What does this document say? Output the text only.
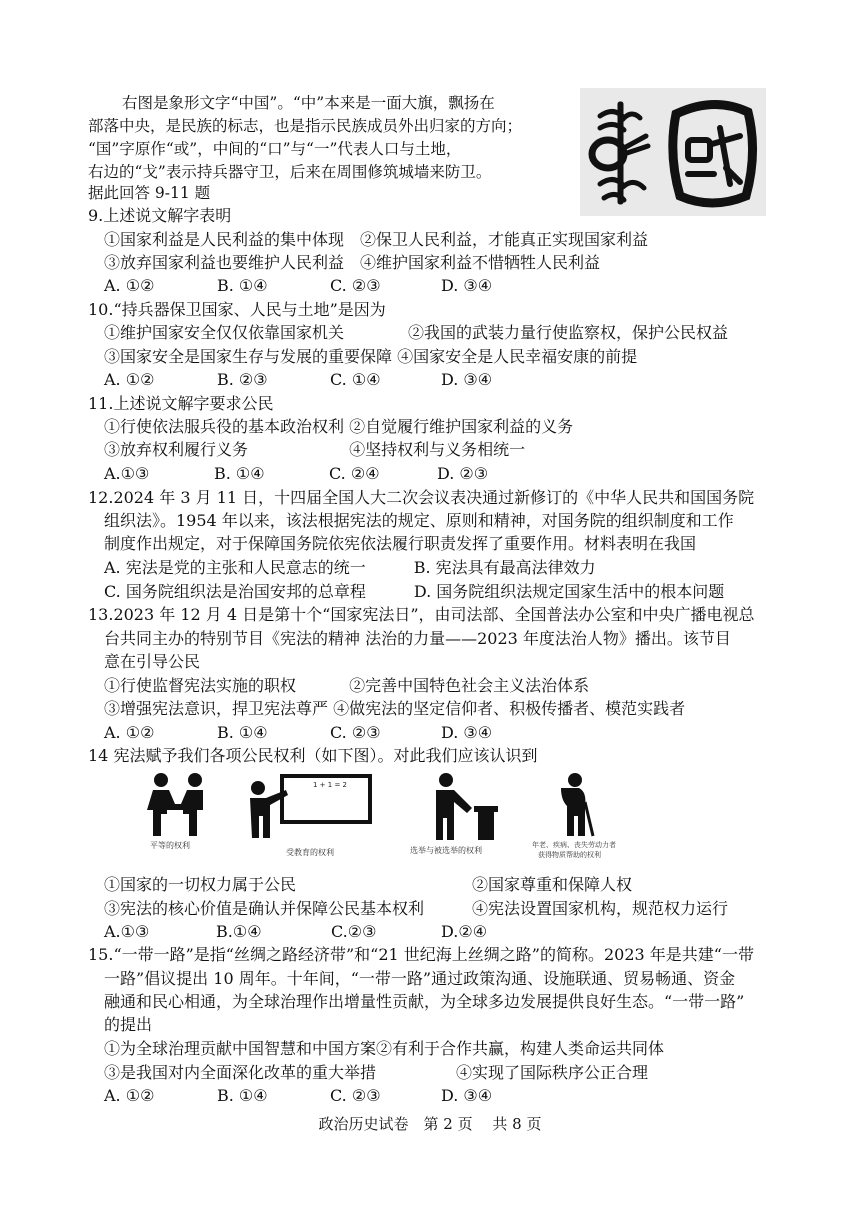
右图是象形文字“中国”。“中”本来是一面大旗，飘扬在
部落中央，是民族的标志，也是指示民族成员外出归家的方向；
“国”字原作“或”，中间的“口”与“一”代表人口与土地，
右边的“戈”表示持兵器守卫，后来在周围修筑城墙来防卫。
据此回答 9-11 题
9.上述说文解字表明
①国家利益是人民利益的集中体现　②保卫人民利益，才能真正实现国家利益
③放弃国家利益也要维护人民利益　④维护国家利益不惜牺牲人民利益
A. ①②	B. ①④	C. ②③	D. ③④
10.“持兵器保卫国家、人民与土地”是因为
①维护国家安全仅仅依靠国家机关　　　　②我国的武装力量行使监察权，保护公民权益
③国家安全是国家生存与发展的重要保障 ④国家安全是人民幸福安康的前提
A. ①②	B. ②③	C. ①④	D. ③④
11.上述说文解字要求公民
①行使依法服兵役的基本政治权利 ②自觉履行维护国家利益的义务
③放弃权利履行义务　　　　　　 ④坚持权利与义务相统一
A.①③	B. ①④	C. ②④	D. ②③
12.2024 年 3 月 11 日，十四届全国人大二次会议表决通过新修订的《中华人民共和国国务院
组织法》。1954 年以来，该法根据宪法的规定、原则和精神，对国务院的组织制度和工作
制度作出规定，对于保障国务院依宪依法履行职责发挥了重要作用。材料表明在我国
A. 宪法是党的主张和人民意志的统一　　　B. 宪法具有最高法律效力
C. 国务院组织法是治国安邦的总章程　　　D. 国务院组织法规定国家生活中的根本问题
13.2023 年 12 月 4 日是第十个“国家宪法日”，由司法部、全国普法办公室和中央广播电视总
台共同主办的特别节目《宪法的精神 法治的力量——2023 年度法治人物》播出。该节目
意在引导公民
①行使监督宪法实施的职权　　　 ②完善中国特色社会主义法治体系
③增强宪法意识，捍卫宪法尊严 ④做宪法的坚定信仰者、积极传播者、模范实践者
A. ①②	B. ①④	C. ②③	D. ③④
14 宪法赋予我们各项公民权利（如下图）。对此我们应该认识到
平等的权利
1 + 1 = 2
受教育的权利	选举与被选举的权利
年老、疾病、丧失劳动力者
获得物质帮助的权利
①国家的一切权力属于公民　　　　　　　　　　　②国家尊重和保障人权
③宪法的核心价值是确认并保障公民基本权利　　　④宪法设置国家机构，规范权力运行
A.①③	B.①④	C.②③	D.②④
15.“一带一路”是指“丝绸之路经济带”和“21 世纪海上丝绸之路”的简称。2023 年是共建“一带
一路”倡议提出 10 周年。十年间，“一带一路”通过政策沟通、设施联通、贸易畅通、资金
融通和民心相通，为全球治理作出增量性贡献，为全球多边发展提供良好生态。“一带一路”
的提出
①为全球治理贡献中国智慧和中国方案②有利于合作共赢，构建人类命运共同体
③是我国对内全面深化改革的重大举措　　　　　④实现了国际秩序公正合理
A. ①②	B. ①④	C. ②③	D. ③④
政治历史试卷　第 2 页　 共 8 页
